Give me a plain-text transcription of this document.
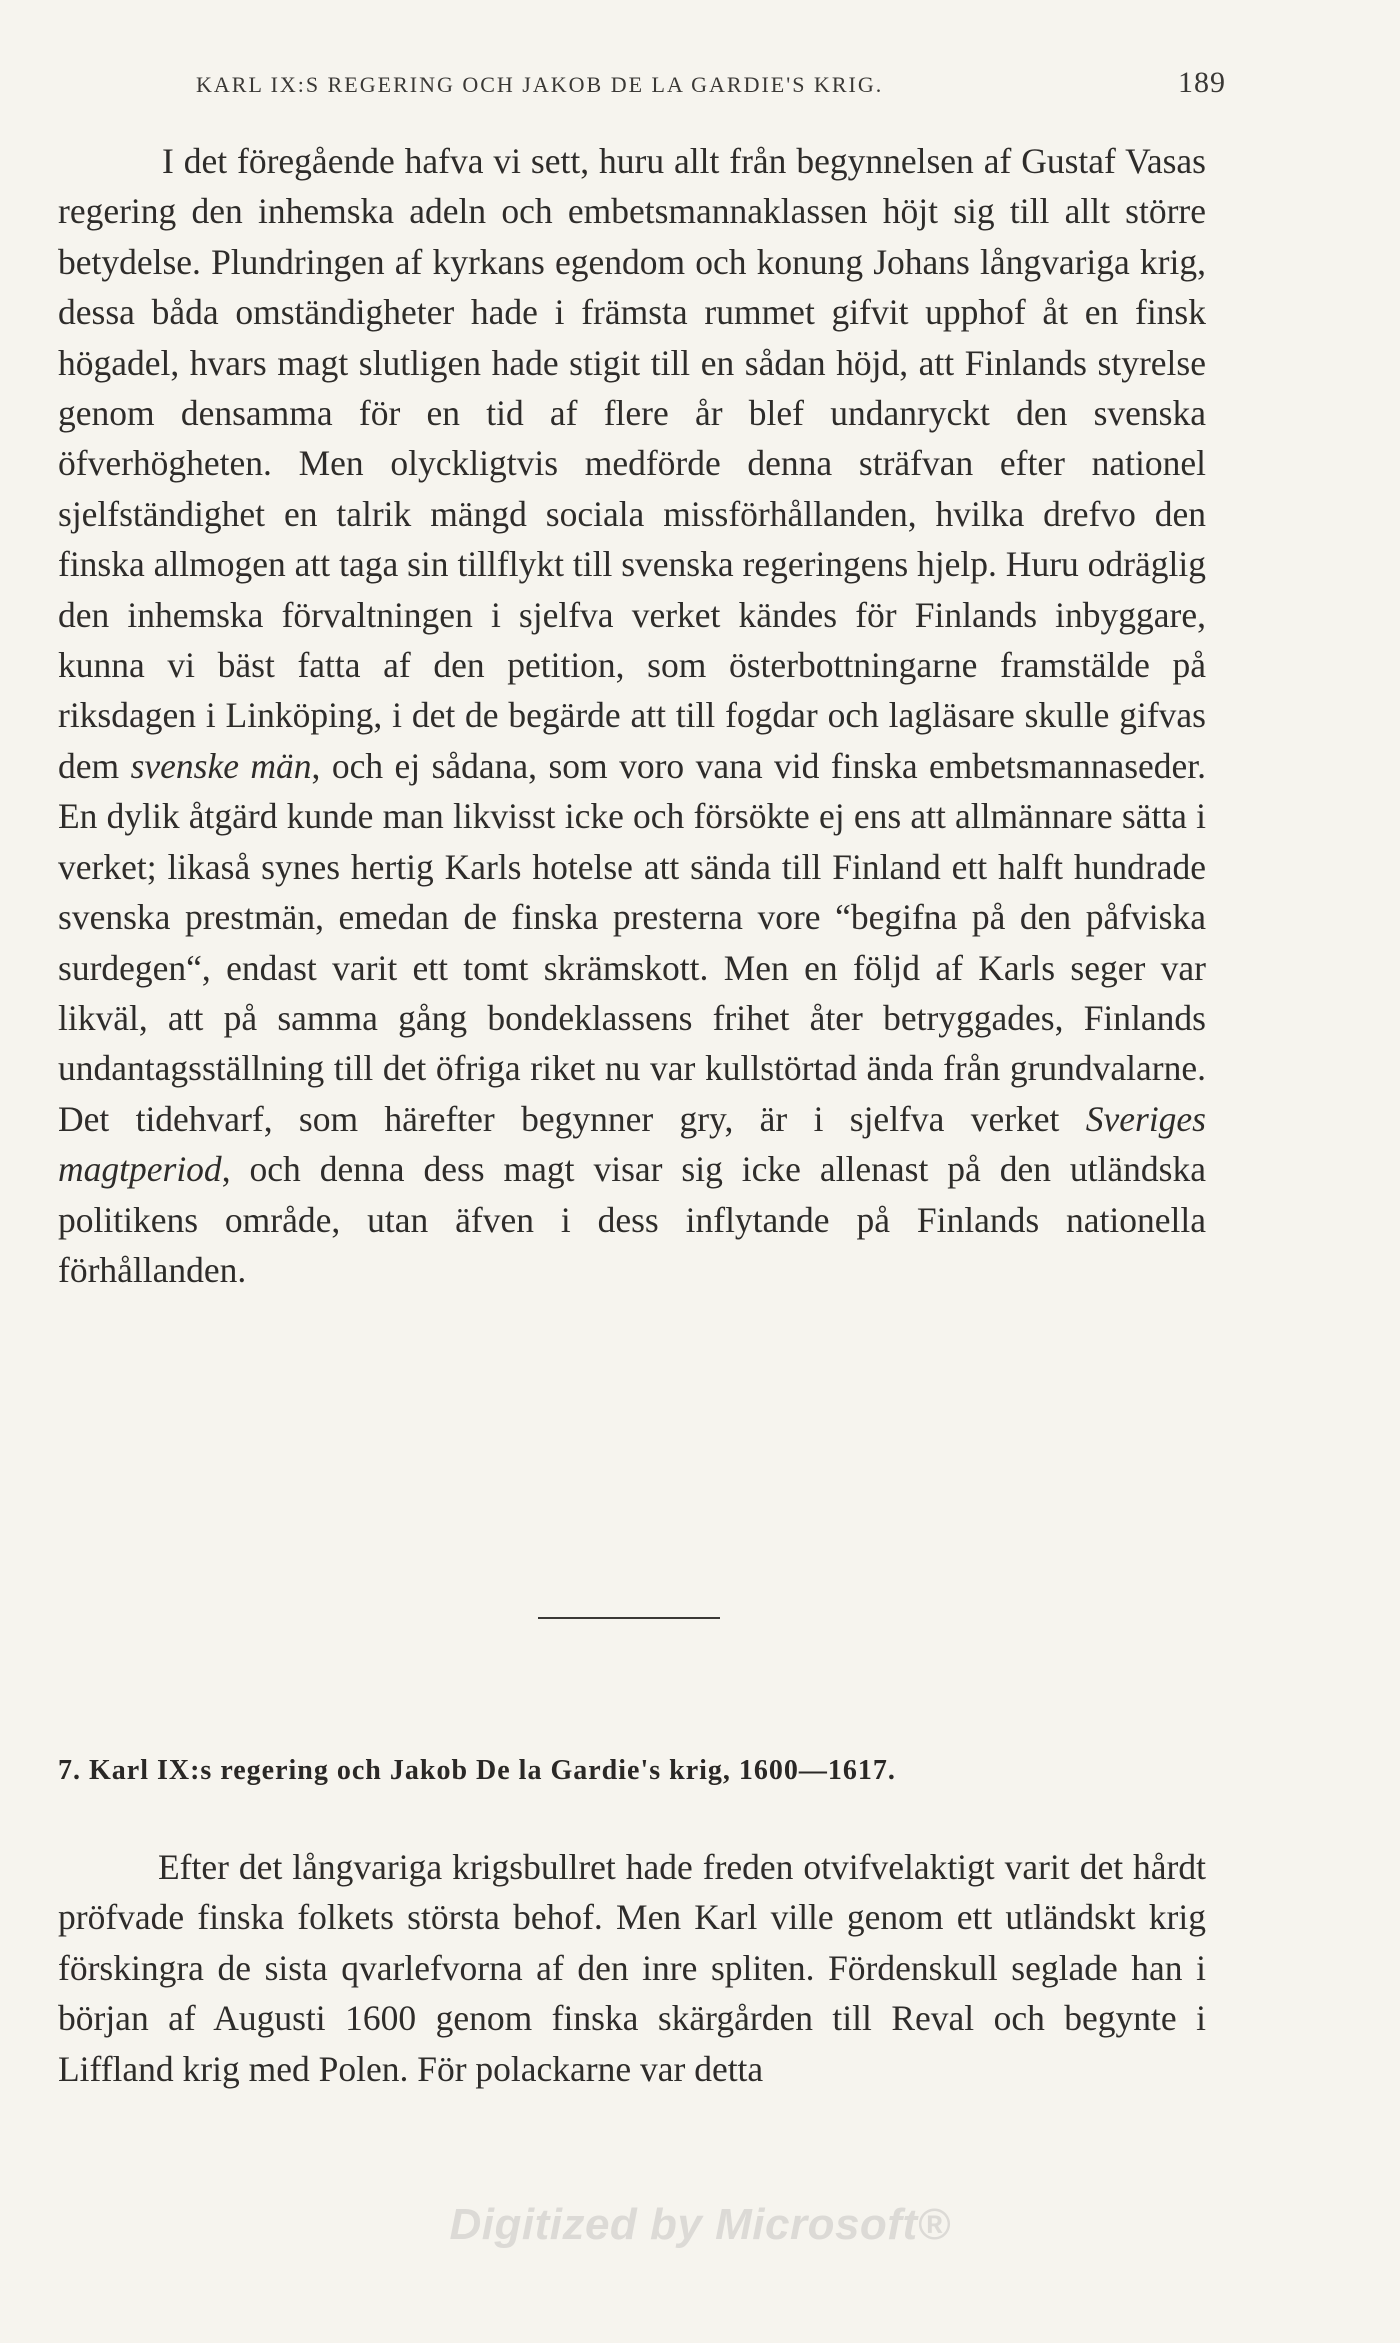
KARL IX:S REGERING OCH JAKOB DE LA GARDIE'S KRIG.	189

I det föregående hafva vi sett, huru allt från begynnelsen af Gustaf Vasas regering den inhemska adeln och embetsmannaklassen höjt sig till allt större betydelse. Plundringen af kyrkans egendom och konung Johans långvariga krig, dessa båda omständigheter hade i främsta rummet gifvit upphof åt en finsk högadel, hvars magt slutligen hade stigit till en sådan höjd, att Finlands styrelse genom densamma för en tid af flere år blef undanryckt den svenska öfverhögheten. Men olyckligtvis medförde denna sträfvan efter nationel sjelfständighet en talrik mängd sociala missförhållanden, hvilka drefvo den finska allmogen att taga sin tillflykt till svenska regeringens hjelp. Huru odräglig den inhemska förvaltningen i sjelfva verket kändes för Finlands inbyggare, kunna vi bäst fatta af den petition, som österbottningarne framstälde på riksdagen i Linköping, i det de begärde att till fogdar och lagläsare skulle gifvas dem svenske män, och ej sådana, som voro vana vid finska embetsmannaseder. En dylik åtgärd kunde man likvisst icke och försökte ej ens att allmännare sätta i verket; likaså synes hertig Karls hotelse att sända till Finland ett halft hundrade svenska prestmän, emedan de finska presterna vore “begifna på den påfviska surdegen“, endast varit ett tomt skrämskott. Men en följd af Karls seger var likväl, att på samma gång bondeklassens frihet åter betryggades, Finlands undantagsställning till det öfriga riket nu var kullstörtad ända från grundvalarne. Det tidehvarf, som härefter begynner gry, är i sjelfva verket Sveriges magtperiod, och denna dess magt visar sig icke allenast på den utländska politikens område, utan äfven i dess inflytande på Finlands nationella förhållanden.

7. Karl IX:s regering och Jakob De la Gardie's krig, 1600—1617.

Efter det långvariga krigsbullret hade freden otvifvelaktigt varit det hårdt pröfvade finska folkets största behof. Men Karl ville genom ett utländskt krig förskingra de sista qvarlefvorna af den inre spliten. Fördenskull seglade han i början af Augusti 1600 genom finska skärgården till Reval och begynte i Liffland krig med Polen. För polackarne var detta

Digitized by Microsoft®
